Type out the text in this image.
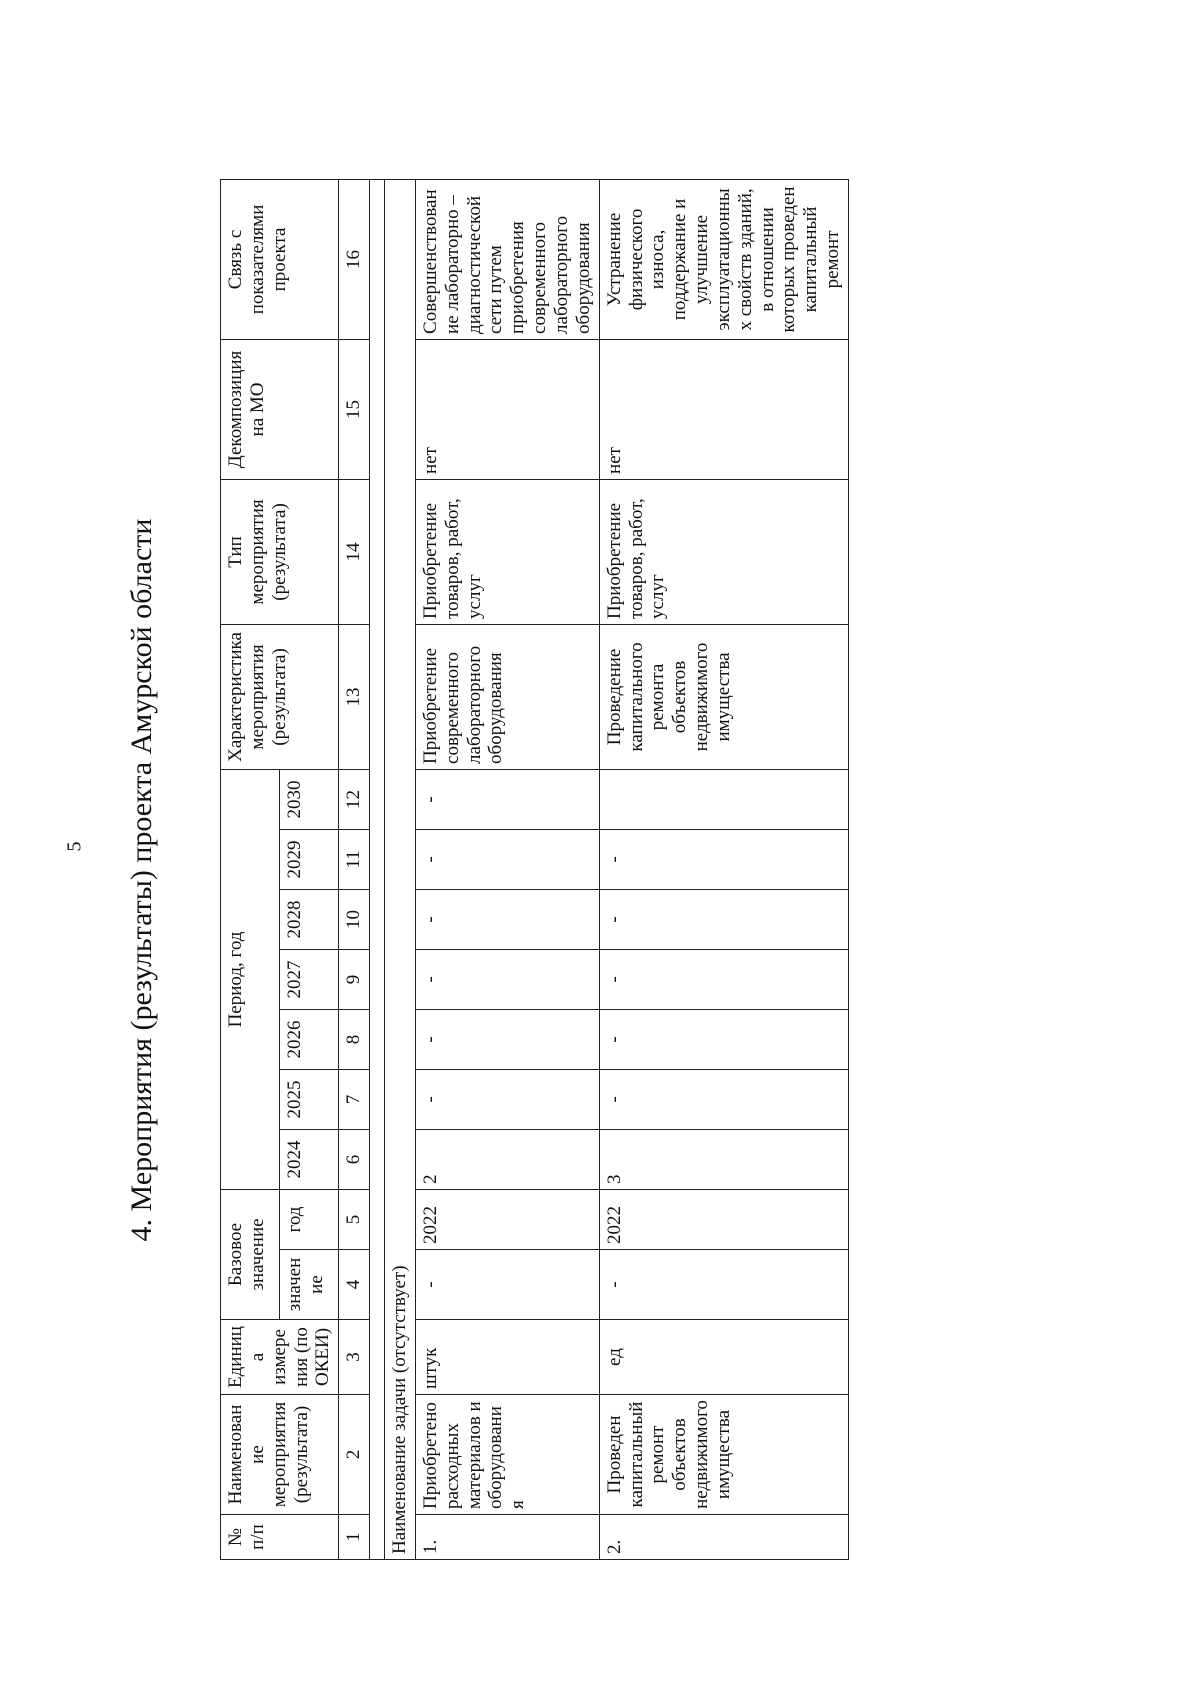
5 4. Мероприятия (результаты) проекта Амурской области
№ п/п	Наименование мероприятия (результата)	Единица измерения (по ОКЕИ)	Базовое значение		Период, год							Характеристика мероприятия (результата)	Тип мероприятия (результата)	Декомпозиция на МО	Связь с показателями проекта
			значение	год	2024	2025	2026	2027	2028	2029	2030				
1	2	3	4	5	6	7	8	9	10	11	12	13	14	15	16

Наименование задачи (отсутствует)															
1.	Приобретено расходных материалов и оборудования	штук	-	2022	2	-	-	-	-	-	-	Приобретение современного лабораторного оборудования	Приобретение товаров, работ, услуг	нет	Совершенствование лабораторно – диагностической сети путем приобретения современного лабораторного оборудования
2.	Проведен капитальный ремонт объектов недвижимого имущества	ед	-	2022	3	-	-	-	-	-		Проведение капитального ремонта объектов недвижимого имущества	Приобретение товаров, работ, услуг	нет	Устранение физического износа, поддержание и улучшение эксплуатационных свойств зданий, в отношении которых проведен капитальный ремонт
